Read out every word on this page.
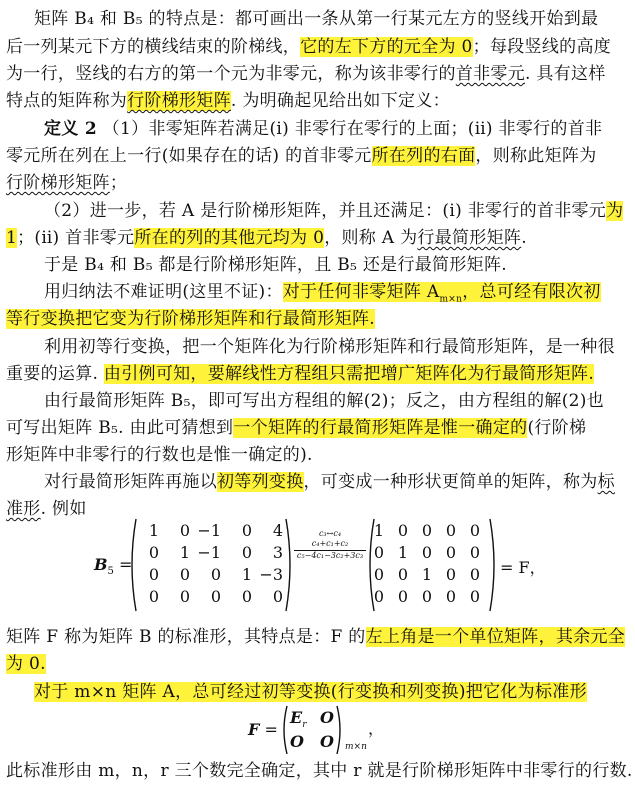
矩阵 B₄ 和 B₅ 的特点是：都可画出一条从第一行某元左方的竖线开始到最
后一列某元下方的横线结束的阶梯线，它的左下方的元全为 0；每段竖线的高度
为一行，竖线的右方的第一个元为非零元，称为该非零行的首非零元. 具有这样
特点的矩阵称为行阶梯形矩阵. 为明确起见给出如下定义：
定义 2 （1）非零矩阵若满足(ⅰ) 非零行在零行的上面；(ⅱ) 非零行的首非
零元所在列在上一行(如果存在的话) 的首非零元所在列的右面，则称此矩阵为
行阶梯形矩阵；
（2）进一步，若 A 是行阶梯形矩阵，并且还满足：(ⅰ) 非零行的首非零元为
1；(ⅱ) 首非零元所在的列的其他元均为 0，则称 A 为行最简形矩阵.
于是 B₄ 和 B₅ 都是行阶梯形矩阵，且 B₅ 还是行最简形矩阵.
用归纳法不难证明(这里不证)：对于任何非零矩阵 $A_{m\times n}$，总可经有限次初
等行变换把它变为行阶梯形矩阵和行最简形矩阵.
利用初等行变换，把一个矩阵化为行阶梯形矩阵和行最简形矩阵，是一种很
重要的运算. 由引例可知，要解线性方程组只需把增广矩阵化为行最简形矩阵.
由行最简形矩阵 B₅，即可写出方程组的解(2)；反之，由方程组的解(2)也
可写出矩阵 B₅. 由此可猜想到一个矩阵的行最简形矩阵是惟一确定的(行阶梯
形矩阵中非零行的行数也是惟一确定的).
对行最简形矩阵再施以初等列变换，可变成一种形状更简单的矩阵，称为标
准形. 例如
$B_5$ =
1	0 −1	0	4
0	1 −1	0	3
0	0	0	1 −3
0	0	0	0	0
c₃↔c₄
c₄+c₁+c₂
c₅−4c₁−3c₂+3c₃
1 0 0 0 0
0 1 0 0 0
0 0 1 0 0
0 0 0 0 0
= F，
矩阵 F 称为矩阵 B 的标准形，其特点是：F 的左上角是一个单位矩阵，其余元全
为 0.
对于 m×n 矩阵 A，总可经过初等变换(行变换和列变换)把它化为标准形
F =
$E_r$ O
O O m×n
，
此标准形由 m，n，r 三个数完全确定，其中 r 就是行阶梯形矩阵中非零行的行数.
